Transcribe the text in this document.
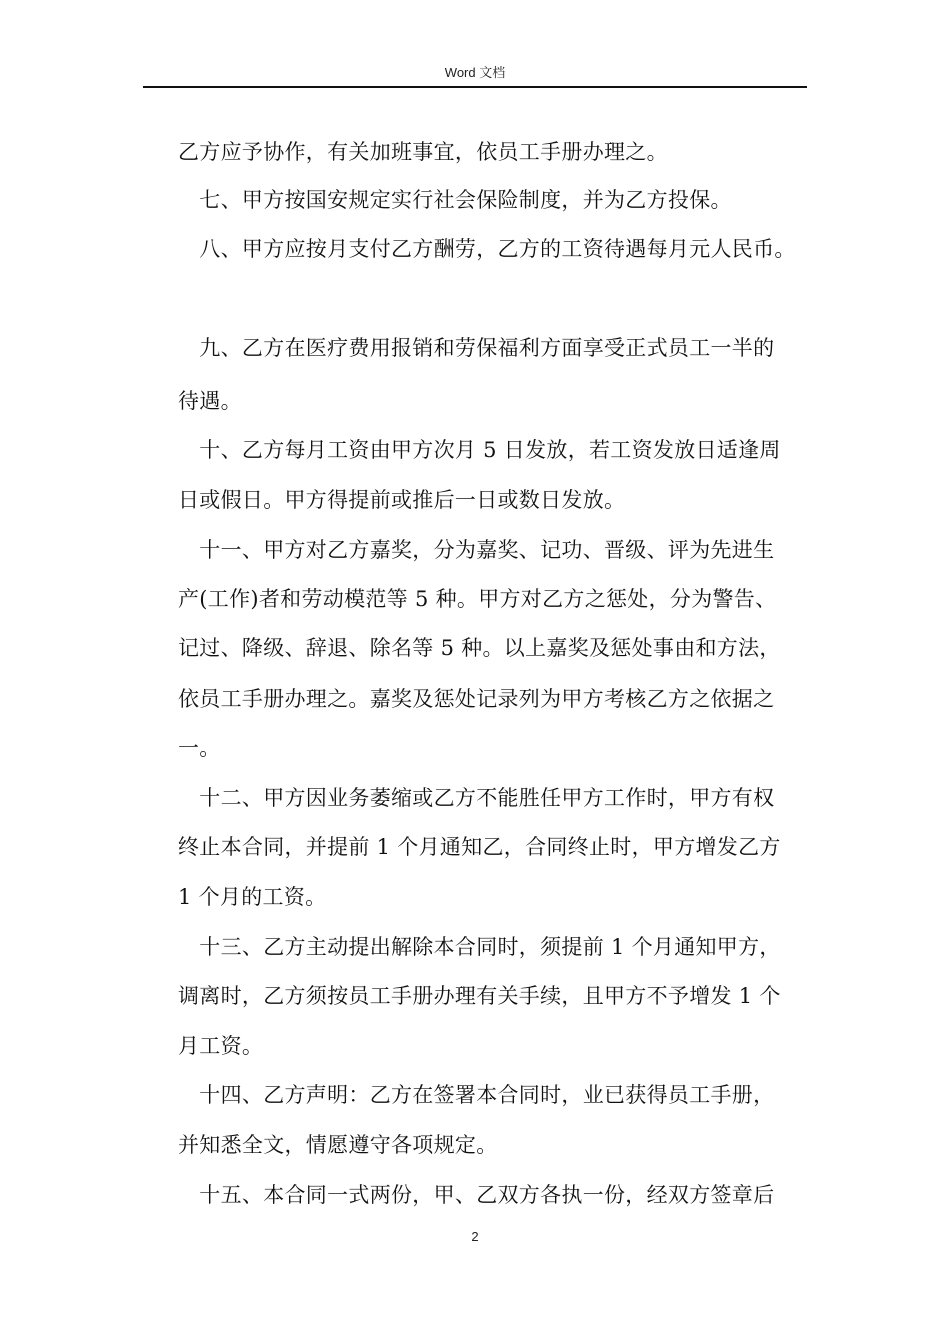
Word 文档
乙方应予协作，有关加班事宜，依员工手册办理之。
　七、甲方按国安规定实行社会保险制度，并为乙方投保。
　八、甲方应按月支付乙方酬劳，乙方的工资待遇每月元人民币。
　九、乙方在医疗费用报销和劳保福利方面享受正式员工一半的
待遇。
　十、乙方每月工资由甲方次月 5 日发放，若工资发放日适逢周
日或假日。甲方得提前或推后一日或数日发放。
　十一、甲方对乙方嘉奖，分为嘉奖、记功、晋级、评为先进生
产(工作)者和劳动模范等 5 种。甲方对乙方之惩处，分为警告、
记过、降级、辞退、除名等 5 种。以上嘉奖及惩处事由和方法，
依员工手册办理之。嘉奖及惩处记录列为甲方考核乙方之依据之
一。
　十二、甲方因业务萎缩或乙方不能胜任甲方工作时，甲方有权
终止本合同，并提前 1 个月通知乙，合同终止时，甲方增发乙方
1 个月的工资。
　十三、乙方主动提出解除本合同时，须提前 1 个月通知甲方，
调离时，乙方须按员工手册办理有关手续，且甲方不予增发 1 个
月工资。
　十四、乙方声明：乙方在签署本合同时，业已获得员工手册，
并知悉全文，情愿遵守各项规定。
　十五、本合同一式两份，甲、乙双方各执一份，经双方签章后
2
